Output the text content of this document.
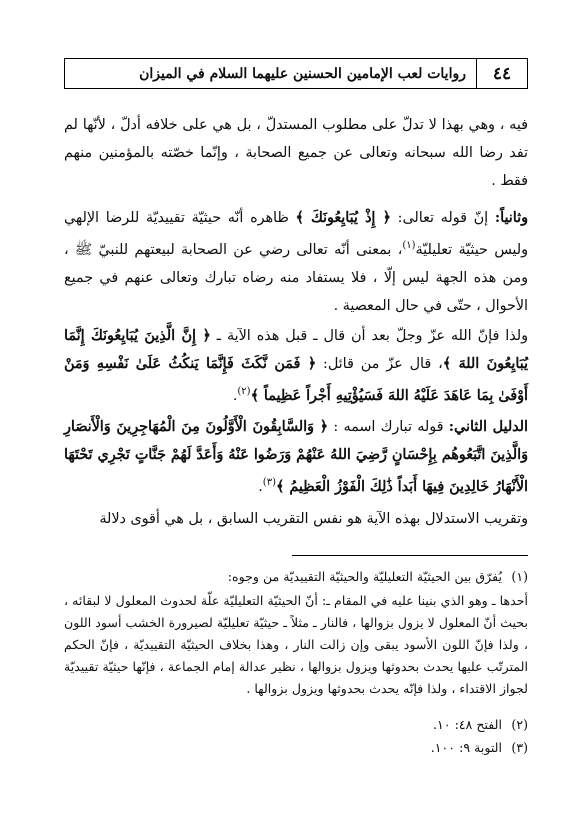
٤٤
روايات لعب الإمامين الحسنين عليهما السلام في الميزان

فيه ، وهي بهذا لا تدلّ على مطلوب المستدلّ ، بل هي على خلافه أدلّ ، لأنّها لم تفد رضا الله سبحانه وتعالى عن جميع الصحابة ، وإنّما خصّته بالمؤمنين منهم فقط .

وثانياً: إنّ قوله تعالى: ﴿ إِذْ يُبَايِعُونَكَ ﴾ ظاهره أنّه حيثيّة تقييديّة للرضا الإلهي وليس حيثيّة تعليليّة$^{(١)}$، بمعنى أنّه تعالى رضي عن الصحابة لبيعتهم للنبيّ ﷺ ، ومن هذه الجهة ليس إلّا ، فلا يستفاد منه رضاه تبارك وتعالى عنهم في جميع الأحوال ، حتّى في حال المعصية .

ولذا فإنّ الله عزّ وجلّ بعد أن قال ـ قبل هذه الآية ـ ﴿ إِنَّ الَّذِينَ يُبَايِعُونَكَ إِنَّمَا يُبَايِعُونَ اللهَ ﴾، قال عزّ من قائل: ﴿ فَمَن نَّكَثَ فَإِنَّمَا يَنكُثُ عَلَىٰ نَفْسِهِ وَمَنْ أَوْفَىٰ بِمَا عَاهَدَ عَلَيْهُ اللهَ فَسَيُؤْتِيهِ أَجْراً عَظِيماً ﴾$^{(٢)}$.

الدليل الثاني: قوله تبارك اسمه : ﴿ وَالسَّابِقُونَ الْأَوَّلُونَ مِنَ الْمُهَاجِرِينَ وَالْأَنصَارِ وَالَّذِينَ اتَّبَعُوهُم بِإِحْسَانٍ رَّضِيَ اللهُ عَنْهُمْ وَرَضُوا عَنْهُ وَأَعَدَّ لَهُمْ جَنَّاتٍ تَجْرِي تَحْتَهَا الْأَنْهَارُ خَالِدِينَ فِيهَا أَبَداً ذَٰلِكَ الْفَوْزُ الْعَظِيمُ ﴾$^{(٣)}$.

وتقريب الاستدلال بهذه الآية هو نفس التقريب السابق ، بل هي أقوى دلالة

(١)يُفرّق بين الحيثيّة التعليليّة والحيثيّة التقييديّة من وجوه:
أحدها ـ وهو الذي بنينا عليه في المقام ـ: أنّ الحيثيّة التعليليّة علّة لحدوث المعلول لا لبقائه ، بحيث أنّ المعلول لا يزول بزوالها ، فالنار ـ مثلاً ـ حيثيّة تعليليّة لصيرورة الخشب أسود اللون ، ولذا فإنّ اللون الأسود يبقى وإن زالت النار ، وهذا بخلاف الحيثيّة التقييديّة ، فإنّ الحكم المترتّب عليها يحدث بحدوثها ويزول بزوالها ، نظير عدالة إمام الجماعة ، فإنّها حيثيّة تقييديّة لجواز الاقتداء ، ولذا فإنّه يحدث بحدوثها ويزول بزوالها .
(٢)الفتح ٤٨: ١٠.
(٣)التوبة ٩: ١٠٠.
